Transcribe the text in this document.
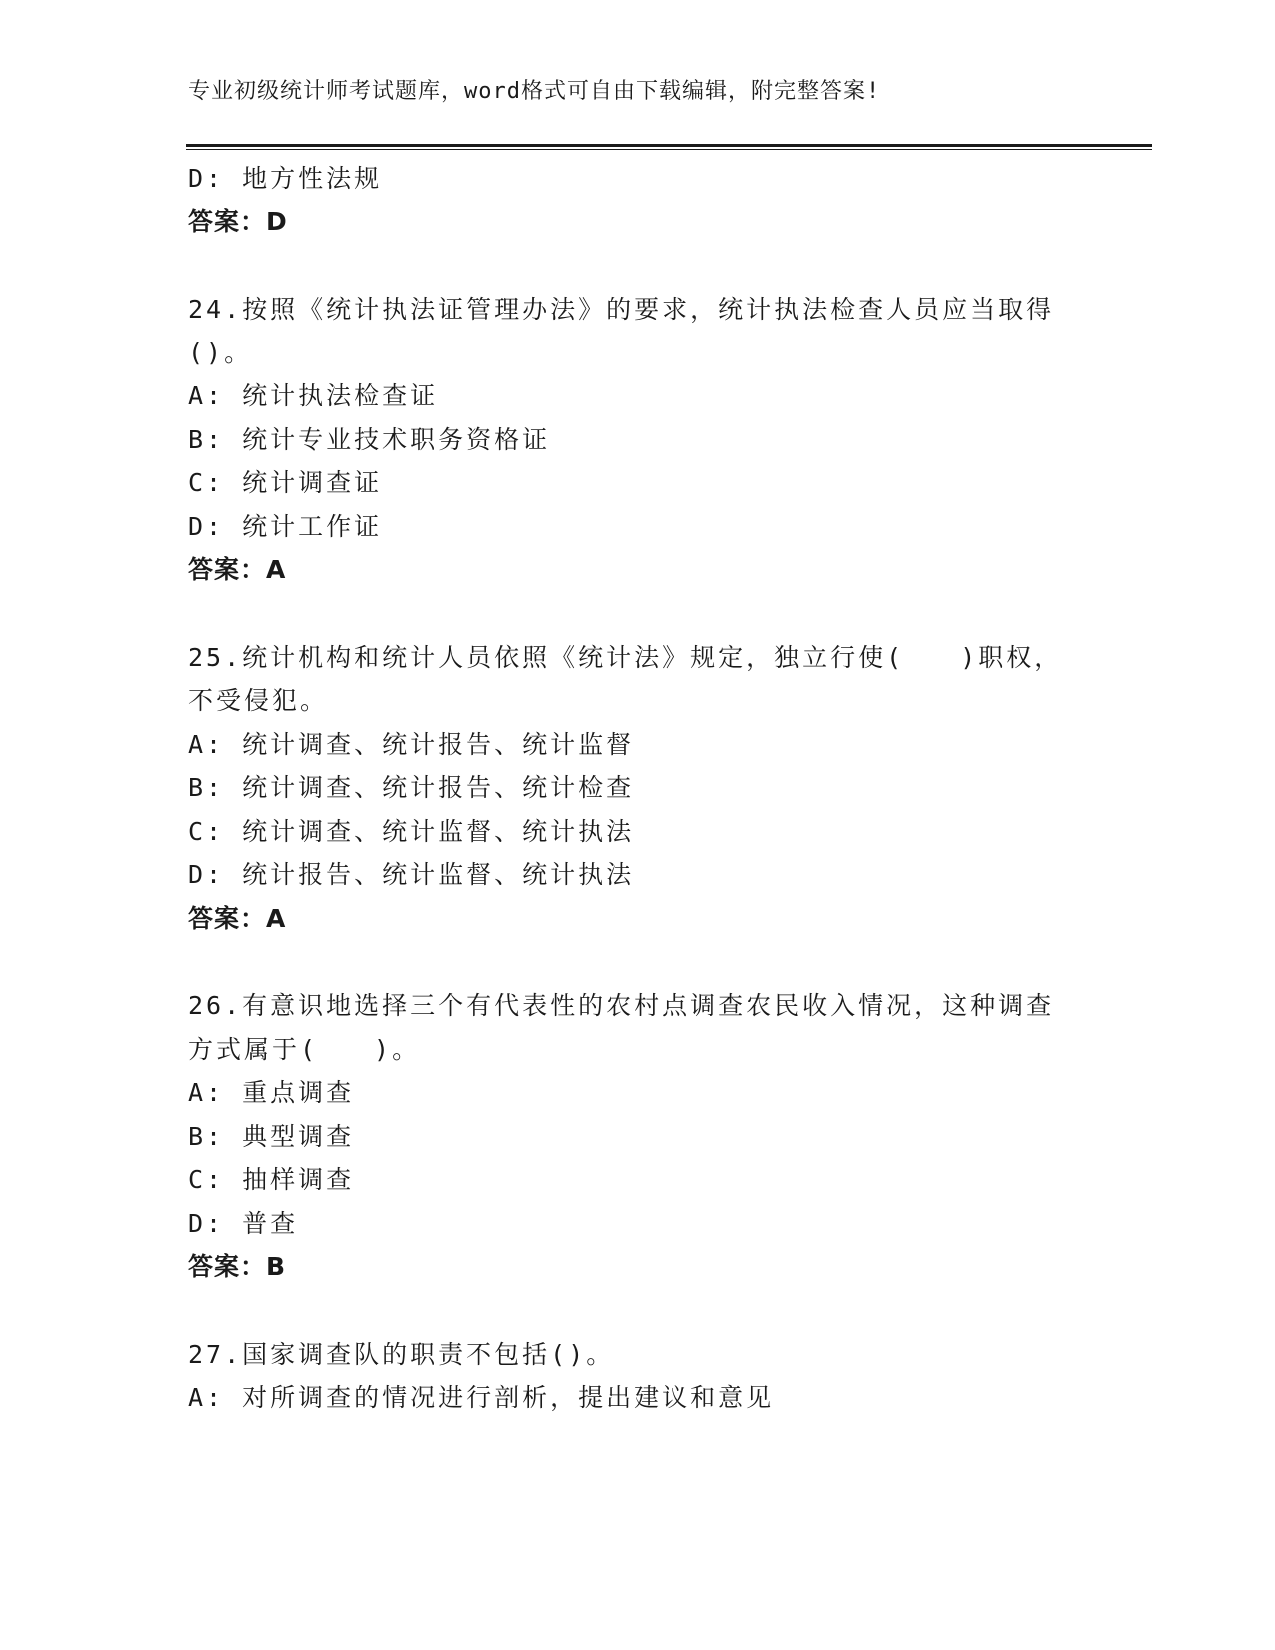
专业初级统计师考试题库，word格式可自由下载编辑，附完整答案!
D: 地方性法规
答案：D
24.按照《统计执法证管理办法》的要求，统计执法检查人员应当取得
()。
A: 统计执法检查证
B: 统计专业技术职务资格证
C: 统计调查证
D: 统计工作证
答案：A
25.统计机构和统计人员依照《统计法》规定，独立行使(　　)职权，
不受侵犯。
A: 统计调查、统计报告、统计监督
B: 统计调查、统计报告、统计检查
C: 统计调查、统计监督、统计执法
D: 统计报告、统计监督、统计执法
答案：A
26.有意识地选择三个有代表性的农村点调查农民收入情况，这种调查
方式属于(　　)。
A: 重点调查
B: 典型调查
C: 抽样调查
D: 普查
答案：B
27.国家调查队的职责不包括()。
A: 对所调查的情况进行剖析，提出建议和意见
